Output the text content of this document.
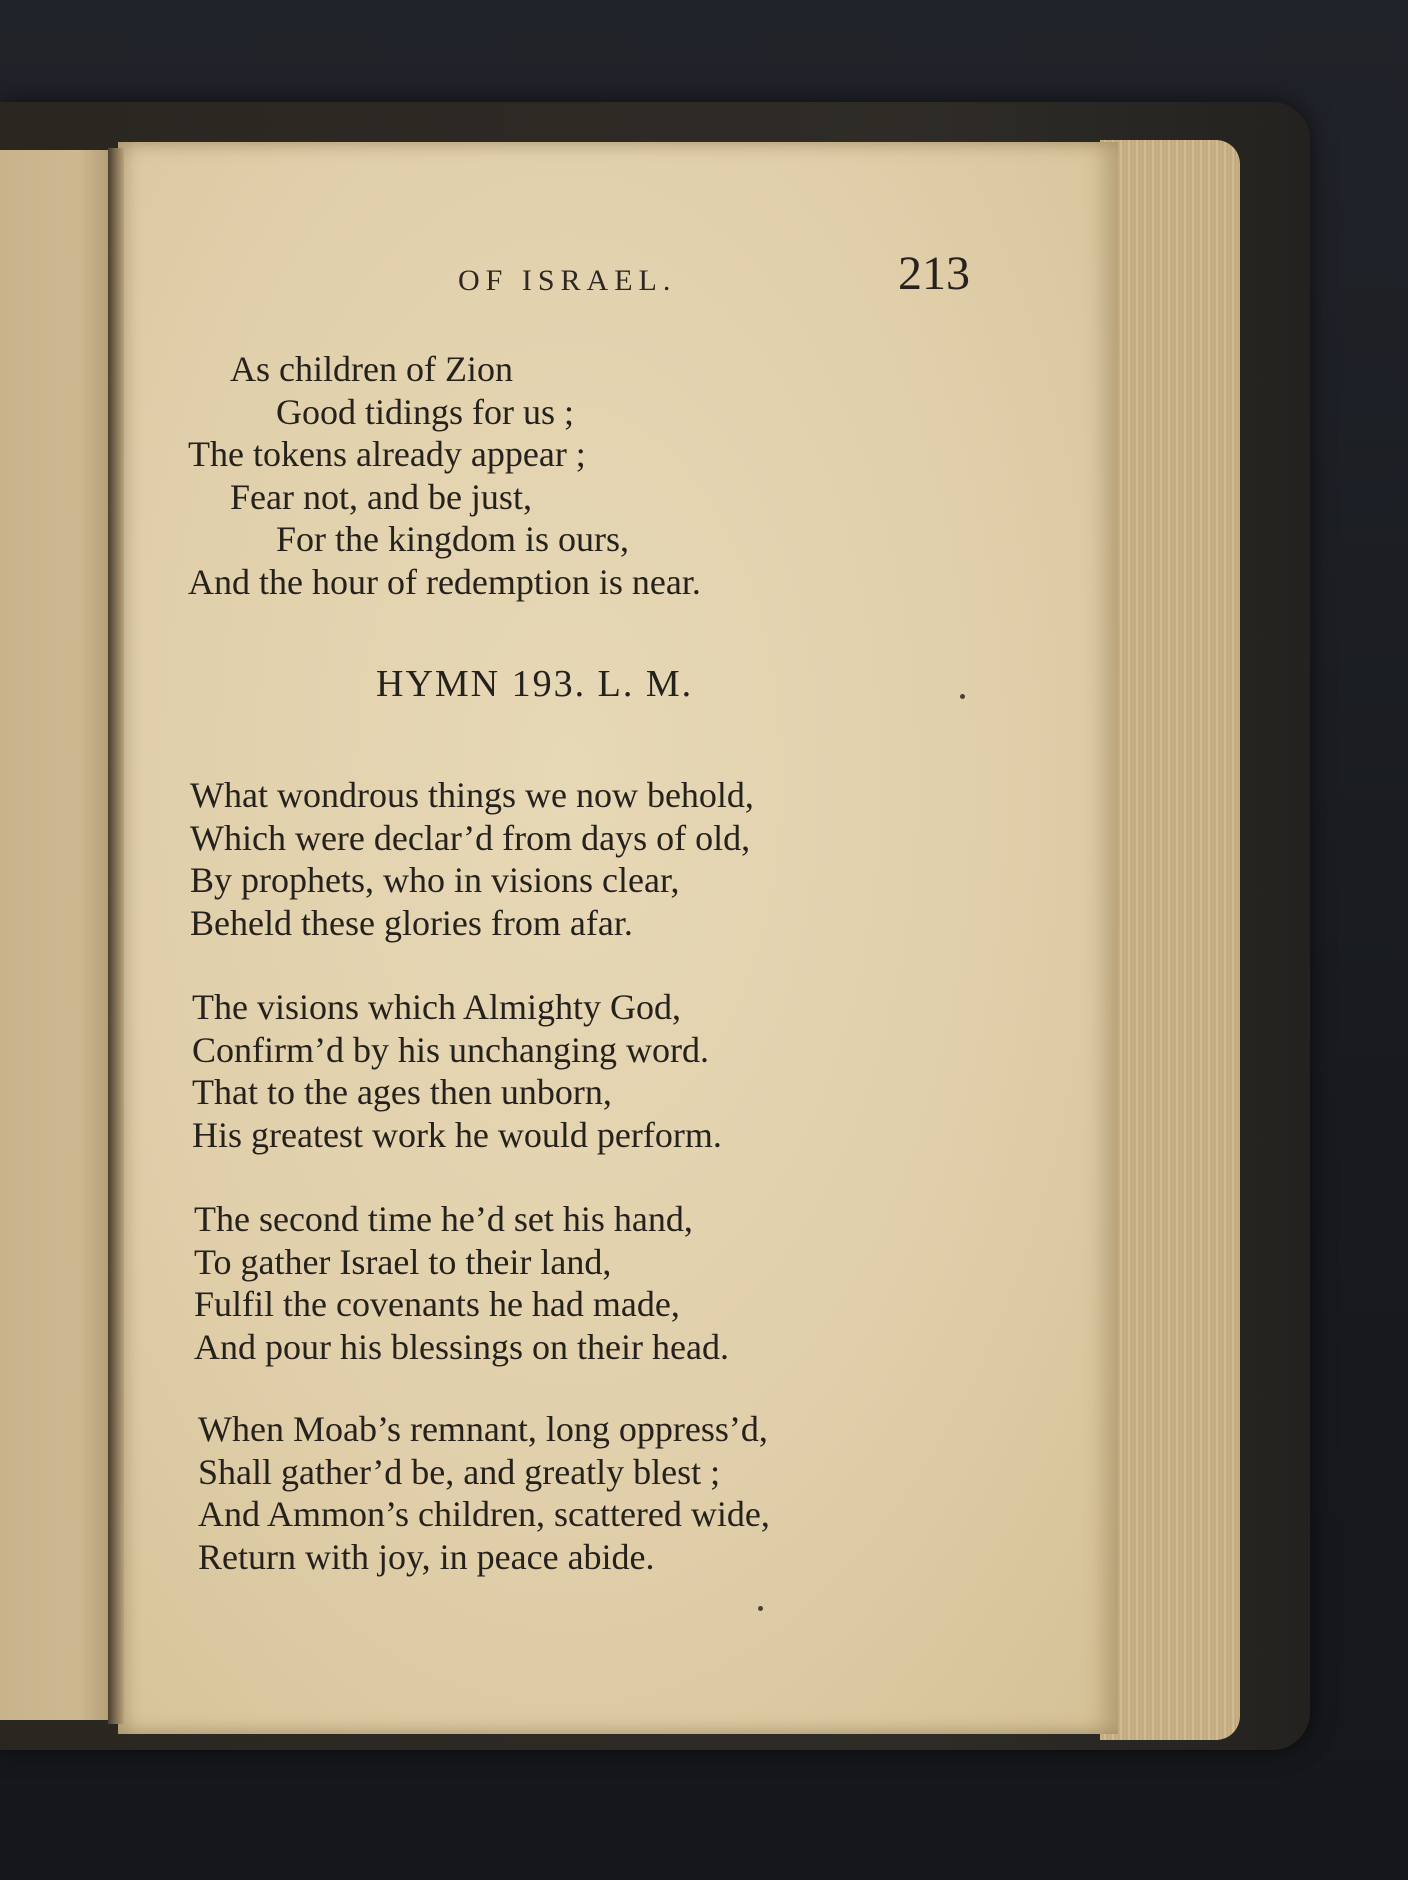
OF ISRAEL.	213
As children of Zion
Good tidings for us ;
The tokens already appear ;
Fear not, and be just,
For the kingdom is ours,
And the hour of redemption is near.
HYMN 193. L. M.
What wondrous things we now behold,
Which were declar’d from days of old,
By prophets, who in visions clear,
Beheld these glories from afar.
The visions which Almighty God,
Confirm’d by his unchanging word.
That to the ages then unborn,
His greatest work he would perform.
The second time he’d set his hand,
To gather Israel to their land,
Fulfil the covenants he had made,
And pour his blessings on their head.
When Moab’s remnant, long oppress’d,
Shall gather’d be, and greatly blest ;
And Ammon’s children, scattered wide,
Return with joy, in peace abide.
